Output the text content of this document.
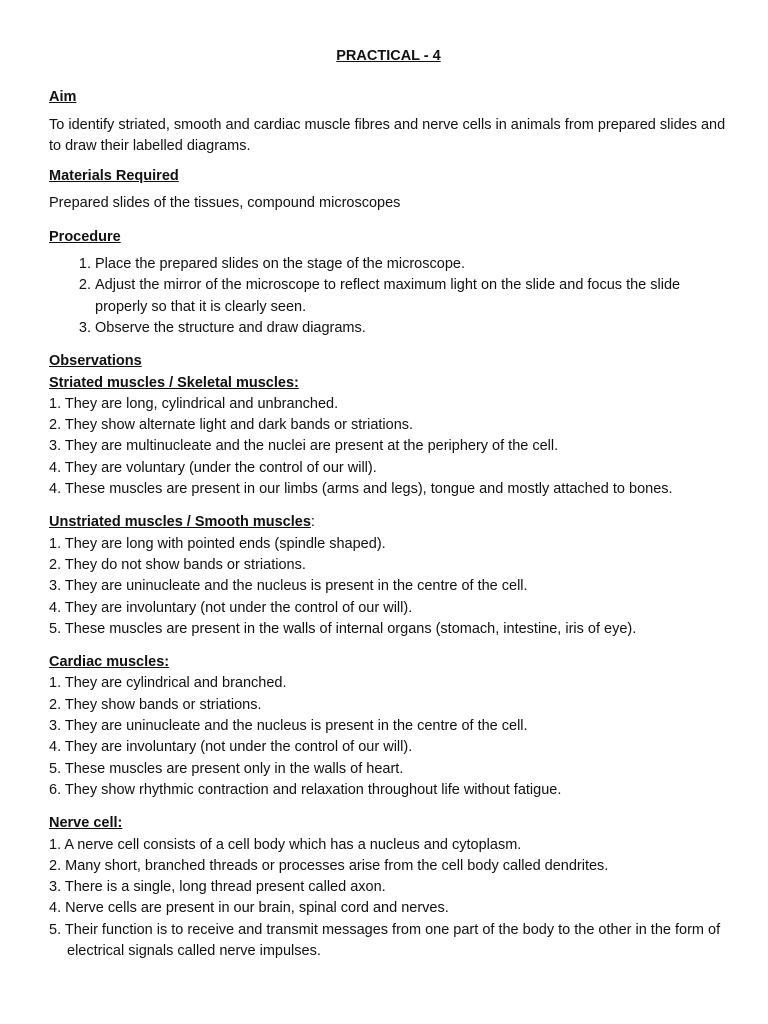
PRACTICAL - 4
Aim
To identify striated, smooth and cardiac muscle fibres and nerve cells in animals from prepared slides and to draw their labelled diagrams.
Materials Required
Prepared slides of the tissues, compound microscopes
Procedure
1. Place the prepared slides on the stage of the microscope.
2. Adjust the mirror of the microscope to reflect maximum light on the slide and focus the slide properly so that it is clearly seen.
3. Observe the structure and draw diagrams.
Observations
Striated muscles / Skeletal muscles:
1. They are long, cylindrical and unbranched.
2. They show alternate light and dark bands or striations.
3. They are multinucleate and the nuclei are present at the periphery of the cell.
4. They are voluntary (under the control of our will).
4. These muscles are present in our limbs (arms and legs), tongue and mostly attached to bones.
Unstriated muscles / Smooth muscles:
1. They are long with pointed ends (spindle shaped).
2. They do not show bands or striations.
3. They are uninucleate and the nucleus is present in the centre of the cell.
4. They are involuntary (not under the control of our will).
5. These muscles are present in the walls of internal organs (stomach, intestine, iris of eye).
Cardiac muscles:
1. They are cylindrical and branched.
2. They show bands or striations.
3. They are uninucleate and the nucleus is present in the centre of the cell.
4. They are involuntary (not under the control of our will).
5. These muscles are present only in the walls of heart.
6. They show rhythmic contraction and relaxation throughout life without fatigue.
Nerve cell:
1. A nerve cell consists of a cell body which has a nucleus and cytoplasm.
2. Many short, branched threads or processes arise from the cell body called dendrites.
3. There is a single, long thread present called axon.
4. Nerve cells are present in our brain, spinal cord and nerves.
5. Their function is to receive and transmit messages from one part of the body to the other in the form of electrical signals called nerve impulses.
